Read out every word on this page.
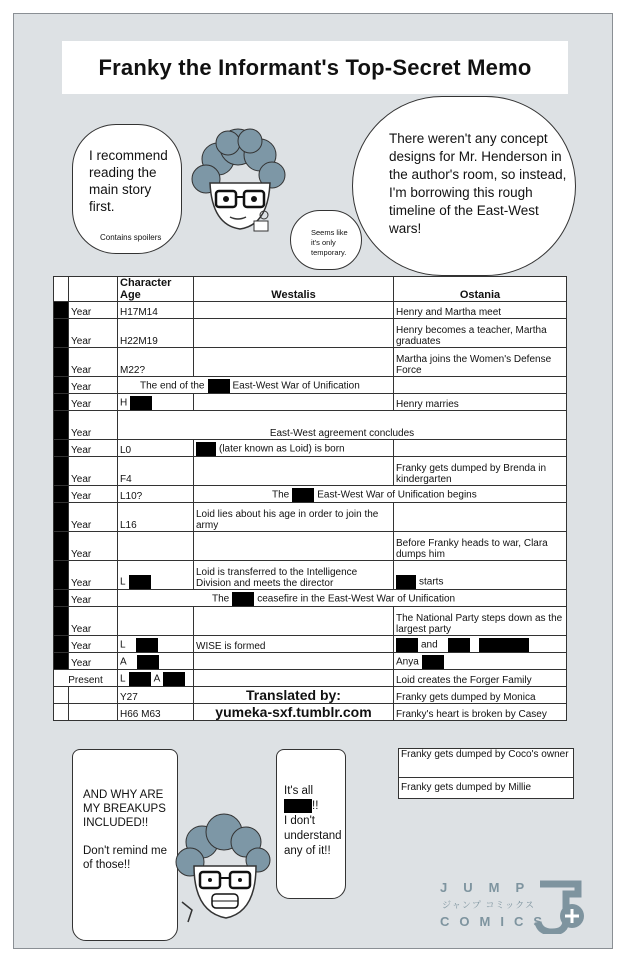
Franky the Informant's Top-Secret Memo
I recommend reading the main story first.
Contains spoilers
Seems like it's only temporary.
There weren't any concept designs for Mr. Henderson in the author's room, so instead, I'm borrowing this rough timeline of the East-West wars!
		Character Age	Westalis	Ostania
	Year	H17M14		Henry and Martha meet
	Year	H22M19		Henry becomes a teacher, Martha graduates
	Year	M22?		Martha joins the Women's Defense Force
	Year	The end of the East-West War of Unification		
	Year	H		Henry marries
	Year	East-West agreement concludes		
	Year	L0	(later known as Loid) is born	
	Year	F4		Franky gets dumped by Brenda in kindergarten
	Year	L10?	The East-West War of Unification begins	
	Year	L16	Loid lies about his age in order to join the army	
	Year			Before Franky heads to war, Clara dumps him
	Year	L	Loid is transferred to the Intelligence Division and meets the director	starts
	Year	The ceasefire in the East-West War of Unification		
	Year			The National Party steps down as the largest party
	Year	L	WISE is formed	and
	Year	A		Anya
Present		L A		Loid creates the Forger Family
		Y27	Translated by:	Franky gets dumped by Monica
		H66 M63	yumeka-sxf.tumblr.com	Franky's heart is broken by Casey
Franky gets dumped by Coco's owner
Franky gets dumped by Millie
AND WHY ARE MY BREAKUPS INCLUDED!!

Don't remind me of those!!
It's all
!!
I don't understand any of it!!
JUMP
ジャンプ コミックス
COMICS
